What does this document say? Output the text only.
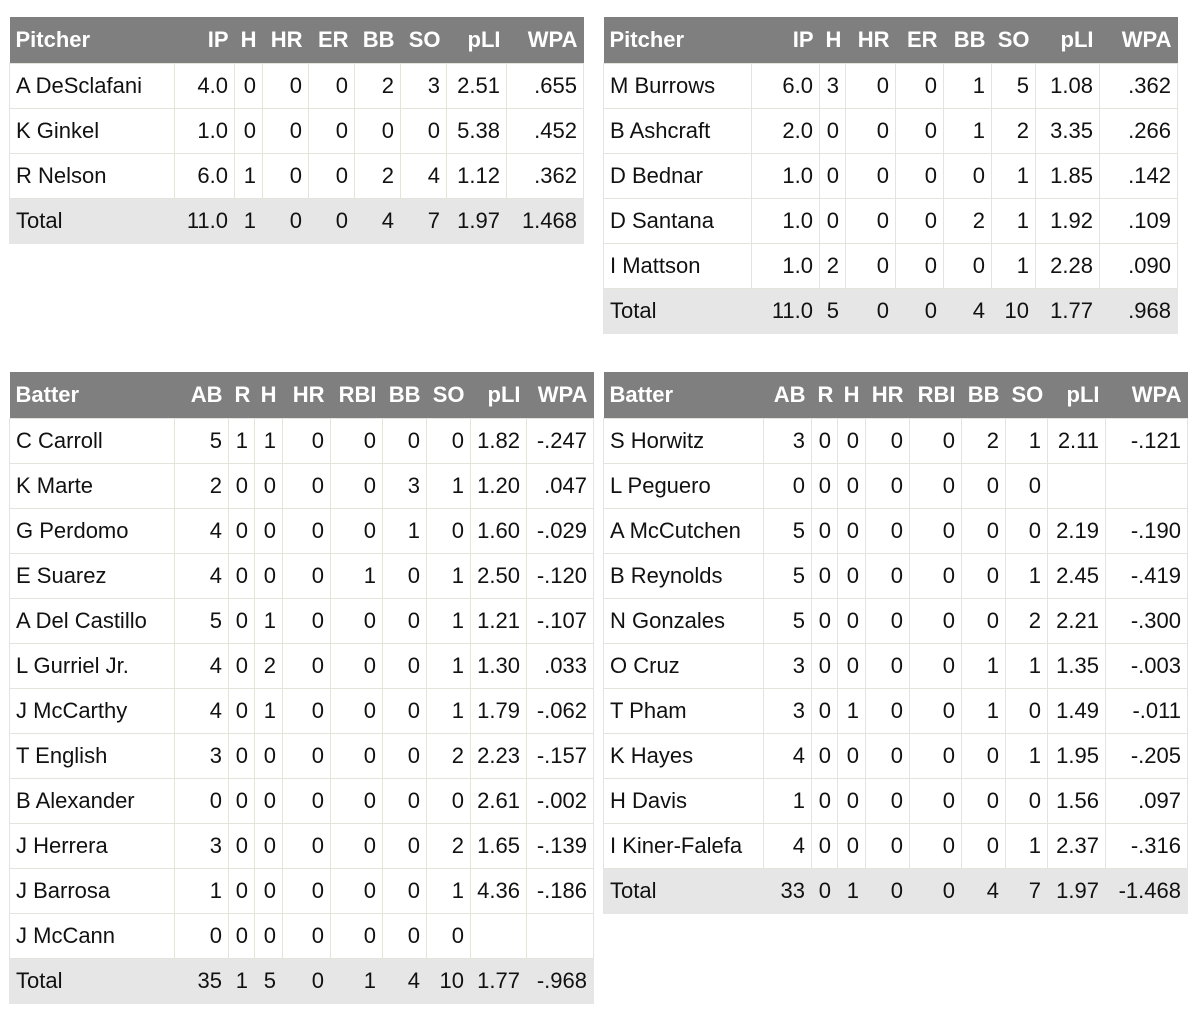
Pitcher	IP	H	HR	ER	BB	SO	pLI	WPA
A DeSclafani	4.0	0	0	0	2	3	2.51	.655
K Ginkel	1.0	0	0	0	0	0	5.38	.452
R Nelson	6.0	1	0	0	2	4	1.12	.362
Total	11.0	1	0	0	4	7	1.97	1.468
Pitcher	IP	H	HR	ER	BB	SO	pLI	WPA
M Burrows	6.0	3	0	0	1	5	1.08	.362
B Ashcraft	2.0	0	0	0	1	2	3.35	.266
D Bednar	1.0	0	0	0	0	1	1.85	.142
D Santana	1.0	0	0	0	2	1	1.92	.109
I Mattson	1.0	2	0	0	0	1	2.28	.090
Total	11.0	5	0	0	4	10	1.77	.968
Batter	AB	R	H	HR	RBI	BB	SO	pLI	WPA
C Carroll	5	1	1	0	0	0	0	1.82	-.247
K Marte	2	0	0	0	0	3	1	1.20	.047
G Perdomo	4	0	0	0	0	1	0	1.60	-.029
E Suarez	4	0	0	0	1	0	1	2.50	-.120
A Del Castillo	5	0	1	0	0	0	1	1.21	-.107
L Gurriel Jr.	4	0	2	0	0	0	1	1.30	.033
J McCarthy	4	0	1	0	0	0	1	1.79	-.062
T English	3	0	0	0	0	0	2	2.23	-.157
B Alexander	0	0	0	0	0	0	0	2.61	-.002
J Herrera	3	0	0	0	0	0	2	1.65	-.139
J Barrosa	1	0	0	0	0	0	1	4.36	-.186
J McCann	0	0	0	0	0	0	0		
Total	35	1	5	0	1	4	10	1.77	-.968
Batter	AB	R	H	HR	RBI	BB	SO	pLI	WPA
S Horwitz	3	0	0	0	0	2	1	2.11	-.121
L Peguero	0	0	0	0	0	0	0		
A McCutchen	5	0	0	0	0	0	0	2.19	-.190
B Reynolds	5	0	0	0	0	0	1	2.45	-.419
N Gonzales	5	0	0	0	0	0	2	2.21	-.300
O Cruz	3	0	0	0	0	1	1	1.35	-.003
T Pham	3	0	1	0	0	1	0	1.49	-.011
K Hayes	4	0	0	0	0	0	1	1.95	-.205
H Davis	1	0	0	0	0	0	0	1.56	.097
I Kiner-Falefa	4	0	0	0	0	0	1	2.37	-.316
Total	33	0	1	0	0	4	7	1.97	-1.468
